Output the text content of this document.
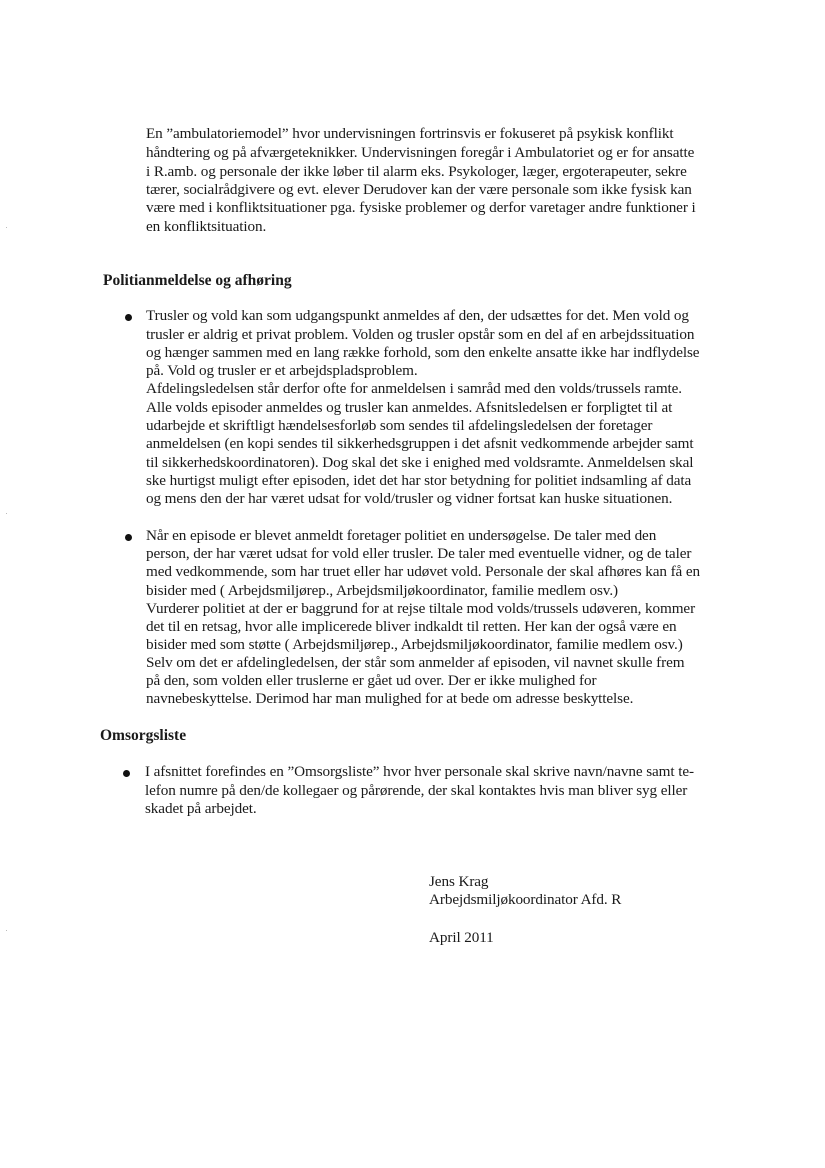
En ”ambulatoriemodel” hvor undervisningen fortrinsvis er fokuseret på psykisk konflikt
håndtering og på afværgeteknikker. Undervisningen foregår i Ambulatoriet og er for ansatte
i R.amb. og personale der ikke løber til alarm eks. Psykologer, læger, ergoterapeuter, sekre
tærer, socialrådgivere og evt. elever Derudover kan der være personale som ikke fysisk kan
være med i konfliktsituationer pga. fysiske problemer og derfor varetager andre funktioner i
en konfliktsituation.
Politianmeldelse og afhøring
Trusler og vold kan som udgangspunkt anmeldes af den, der udsættes for det. Men vold og
trusler er aldrig et privat problem. Volden og trusler opstår som en del af en arbejdssituation
og hænger sammen med en lang række forhold, som den enkelte ansatte ikke har indflydelse
på. Vold og trusler er et arbejdspladsproblem.
Afdelingsledelsen står derfor ofte for anmeldelsen i samråd med den volds/trussels ramte.
Alle volds episoder anmeldes og trusler kan anmeldes. Afsnitsledelsen er forpligtet til at
udarbejde et skriftligt hændelsesforløb som sendes til afdelingsledelsen der foretager
anmeldelsen (en kopi sendes til sikkerhedsgruppen i det afsnit vedkommende arbejder samt
til sikkerhedskoordinatoren). Dog skal det ske i enighed med voldsramte. Anmeldelsen skal
ske hurtigst muligt efter episoden, idet det har stor betydning for politiet indsamling af data
og mens den der har været udsat for vold/trusler og vidner fortsat kan huske situationen.
Når en episode er blevet anmeldt foretager politiet en undersøgelse. De taler med den
person, der har været udsat for vold eller trusler. De taler med eventuelle vidner, og de taler
med vedkommende, som har truet eller har udøvet vold. Personale der skal afhøres kan få en
bisider med ( Arbejdsmiljørep., Arbejdsmiljøkoordinator, familie medlem osv.)
Vurderer politiet at der er baggrund for at rejse tiltale mod volds/trussels udøveren, kommer
det til en retsag, hvor alle implicerede bliver indkaldt til retten. Her kan der også være en
bisider med som støtte ( Arbejdsmiljørep., Arbejdsmiljøkoordinator, familie medlem osv.)
Selv om det er afdelingledelsen, der står som anmelder af episoden, vil navnet skulle frem
på den, som volden eller truslerne er gået ud over. Der er ikke mulighed for
navnebeskyttelse. Derimod har man mulighed for at bede om adresse beskyttelse.
Omsorgsliste
I afsnittet forefindes en ”Omsorgsliste” hvor hver personale skal skrive navn/navne samt te-
lefon numre på den/de kollegaer og pårørende, der skal kontaktes hvis man bliver syg eller
skadet på arbejdet.
Jens Krag
Arbejdsmiljøkoordinator Afd. R
April 2011
